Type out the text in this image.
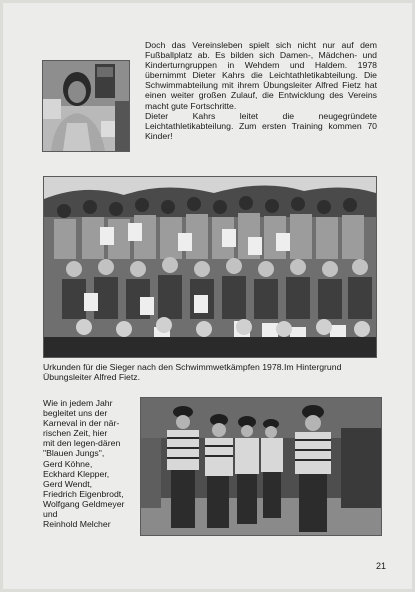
Doch das Vereinsleben spielt sich nicht nur auf dem Fußballplatz ab. Es bilden sich Damen-, Mädchen- und Kinderturngruppen in Wehdem und Haldem. 1978 übernimmt Dieter Kahrs die Leichtathletikabteilung. Die Schwimmabteilung mit ihrem Übungsleiter Alfred Fietz hat einen weiter großen Zulauf, die Entwicklung des Vereins macht gute Fortschritte.

Dieter Kahrs leitet die neugegründete Leichtathletikabteilung. Zum ersten Training kommen 70 Kinder!

Urkunden für die Sieger nach den Schwimmwetkämpfen 1978.Im Hintergrund Übungsleiter Alfred Fietz.
Wie in jedem Jahr
begleitet uns der
Karneval in der när-
rischen Zeit, hier
mit den legen-dären
"Blauen Jungs",
Gerd Köhne,
Eckhard Klepper,
Gerd Wendt,
Friedrich Eigenbrodt,
Wolfgang Geldmeyer
und
Reinhold Melcher
21
